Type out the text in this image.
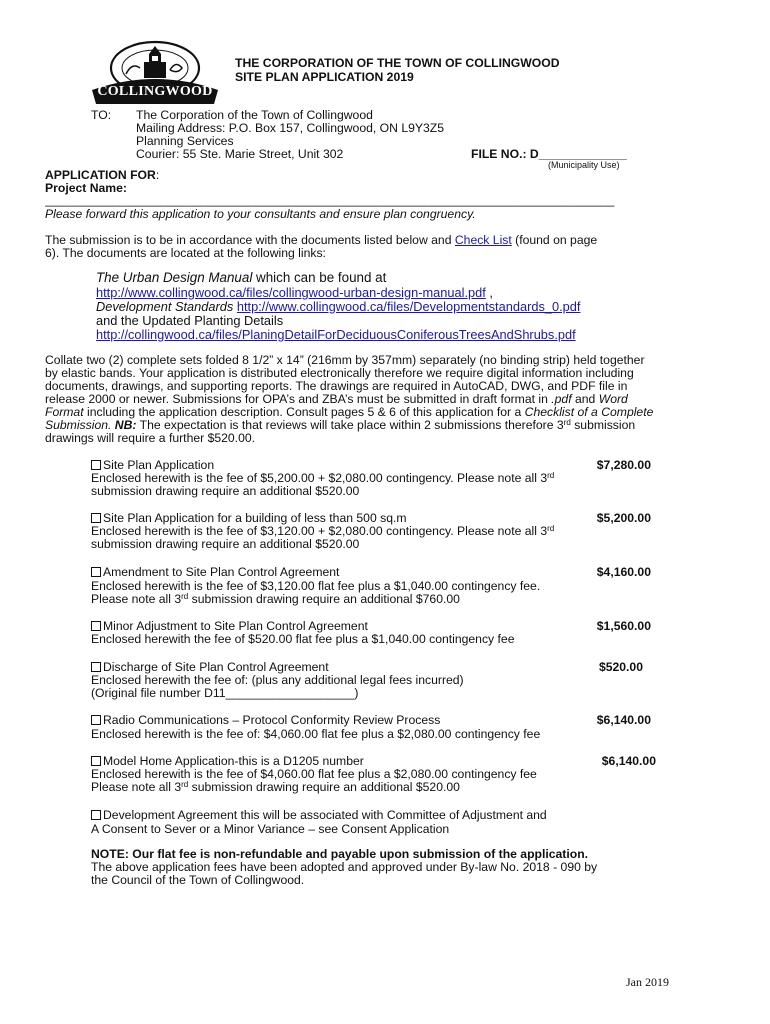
COLLINGWOOD
THE CORPORATION OF THE TOWN OF COLLINGWOOD
SITE PLAN APPLICATION 2019
TO: The Corporation of the Town of Collingwood
Mailing Address: P.O. Box 157, Collingwood, ON L9Y3Z5
Planning Services
Courier: 55 Ste. Marie Street, Unit 302	FILE NO.: D_____________
(Municipality Use)
APPLICATION FOR:
Project Name:
____________________________________________________________________________________
Please forward this application to your consultants and ensure plan congruency.
The submission is to be in accordance with the documents listed below and Check List (found on page
6). The documents are located at the following links:
The Urban Design Manual which can be found at
http://www.collingwood.ca/files/collingwood-urban-design-manual.pdf ,
Development Standards http://www.collingwood.ca/files/Developmentstandards_0.pdf
and the Updated Planting Details
http://collingwood.ca/files/PlaningDetailForDeciduousConiferousTreesAndShrubs.pdf
Collate two (2) complete sets folded 8 1/2” x 14” (216mm by 357mm) separately (no binding strip) held together
by elastic bands. Your application is distributed electronically therefore we require digital information including
documents, drawings, and supporting reports. The drawings are required in AutoCAD, DWG, and PDF file in
release 2000 or newer. Submissions for OPA’s and ZBA’s must be submitted in draft format in .pdf and Word
Format including the application description. Consult pages 5 & 6 of this application for a Checklist of a Complete
Submission. NB: The expectation is that reviews will take place within 2 submissions therefore 3rd submission
drawings will require a further $520.00.
Site Plan Application	$7,280.00
Enclosed herewith is the fee of $5,200.00 + $2,080.00 contingency. Please note all 3rd
submission drawing require an additional $520.00
Site Plan Application for a building of less than 500 sq.m	$5,200.00
Enclosed herewith is the fee of $3,120.00 + $2,080.00 contingency. Please note all 3rd
submission drawing require an additional $520.00
Amendment to Site Plan Control Agreement	$4,160.00
Enclosed herewith is the fee of $3,120.00 flat fee plus a $1,040.00 contingency fee.
Please note all 3rd submission drawing require an additional $760.00
Minor Adjustment to Site Plan Control Agreement	$1,560.00
Enclosed herewith the fee of $520.00 flat fee plus a $1,040.00 contingency fee
Discharge of Site Plan Control Agreement	$520.00
Enclosed herewith the fee of: (plus any additional legal fees incurred)
(Original file number D11___________________)
Radio Communications – Protocol Conformity Review Process	$6,140.00
Enclosed herewith is the fee of: $4,060.00 flat fee plus a $2,080.00 contingency fee
Model Home Application-this is a D1205 number	$6,140.00
Enclosed herewith is the fee of $4,060.00 flat fee plus a $2,080.00 contingency fee
Please note all 3rd submission drawing require an additional $520.00
Development Agreement this will be associated with Committee of Adjustment and
A Consent to Sever or a Minor Variance – see Consent Application
NOTE: Our flat fee is non-refundable and payable upon submission of the application.
The above application fees have been adopted and approved under By-law No. 2018 - 090 by
the Council of the Town of Collingwood.
Jan 2019
